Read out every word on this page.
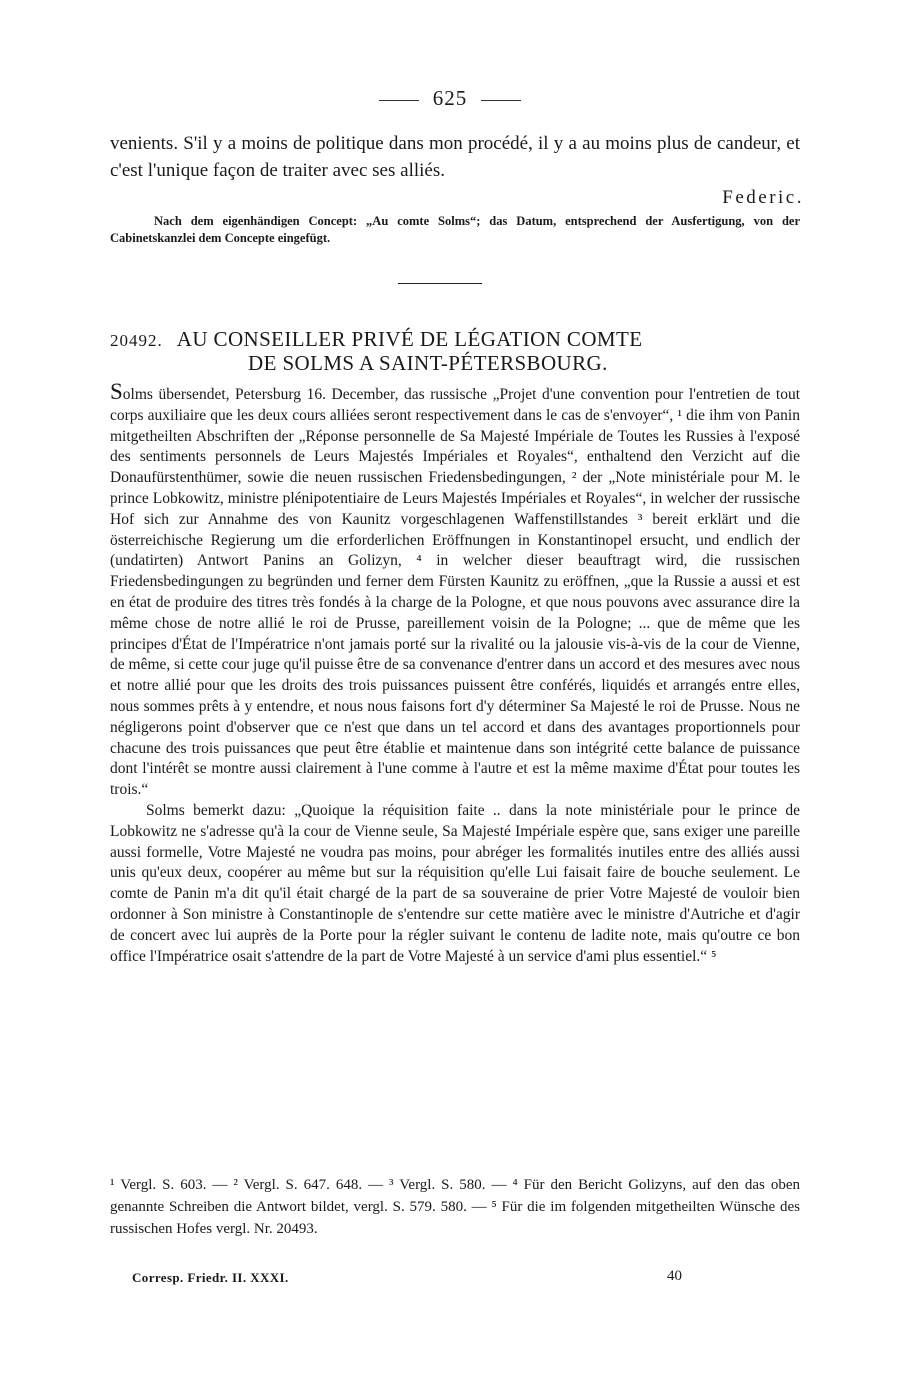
625
venients. S'il y a moins de politique dans mon procédé, il y a au moins plus de candeur, et c'est l'unique façon de traiter avec ses alliés.
Federic.
Nach dem eigenhändigen Concept: „Au comte Solms“; das Datum, entsprechend der Ausfertigung, von der Cabinetskanzlei dem Concepte eingefügt.
20492. AU CONSEILLER PRIVÉ DE LÉGATION COMTE
DE SOLMS A SAINT-PÉTERSBOURG.

Solms übersendet, Petersburg 16. December, das russische „Projet d'une convention pour l'entretien de tout corps auxiliaire que les deux cours alliées seront respectivement dans le cas de s'envoyer“, ¹ die ihm von Panin mitgetheilten Abschriften der „Réponse personnelle de Sa Majesté Impériale de Toutes les Russies à l'exposé des sentiments personnels de Leurs Majestés Impériales et Royales“, enthaltend den Verzicht auf die Donaufürstenthümer, sowie die neuen russischen Friedensbedingungen, ² der „Note ministériale pour M. le prince Lobkowitz, ministre plénipotentiaire de Leurs Majestés Impériales et Royales“, in welcher der russische Hof sich zur Annahme des von Kaunitz vorgeschlagenen Waffenstillstandes ³ bereit erklärt und die österreichische Regierung um die erforderlichen Eröffnungen in Konstantinopel ersucht, und endlich der (undatirten) Antwort Panins an Golizyn, ⁴ in welcher dieser beauftragt wird, die russischen Friedensbedingungen zu begründen und ferner dem Fürsten Kaunitz zu eröffnen, „que la Russie a aussi et est en état de produire des titres très fondés à la charge de la Pologne, et que nous pouvons avec assurance dire la même chose de notre allié le roi de Prusse, pareillement voisin de la Pologne; ... que de même que les principes d'État de l'Impératrice n'ont jamais porté sur la rivalité ou la jalousie vis-à-vis de la cour de Vienne, de même, si cette cour juge qu'il puisse être de sa convenance d'entrer dans un accord et des mesures avec nous et notre allié pour que les droits des trois puissances puissent être conférés, liquidés et arrangés entre elles, nous sommes prêts à y entendre, et nous nous faisons fort d'y déterminer Sa Majesté le roi de Prusse. Nous ne négligerons point d'observer que ce n'est que dans un tel accord et dans des avantages proportionnels pour chacune des trois puissances que peut être établie et maintenue dans son intégrité cette balance de puissance dont l'intérêt se montre aussi clairement à l'une comme à l'autre et est la même maxime d'État pour toutes les trois.“

Solms bemerkt dazu: „Quoique la réquisition faite .. dans la note ministériale pour le prince de Lobkowitz ne s'adresse qu'à la cour de Vienne seule, Sa Majesté Impériale espère que, sans exiger une pareille aussi formelle, Votre Majesté ne voudra pas moins, pour abréger les formalités inutiles entre des alliés aussi unis qu'eux deux, coopérer au même but sur la réquisition qu'elle Lui faisait faire de bouche seulement. Le comte de Panin m'a dit qu'il était chargé de la part de sa souveraine de prier Votre Majesté de vouloir bien ordonner à Son ministre à Constantinople de s'entendre sur cette matière avec le ministre d'Autriche et d'agir de concert avec lui auprès de la Porte pour la régler suivant le contenu de ladite note, mais qu'outre ce bon office l'Impératrice osait s'attendre de la part de Votre Majesté à un service d'ami plus essentiel.“ ⁵

¹ Vergl. S. 603. — ² Vergl. S. 647. 648. — ³ Vergl. S. 580. — ⁴ Für den Bericht Golizyns, auf den das oben genannte Schreiben die Antwort bildet, vergl. S. 579. 580. — ⁵ Für die im folgenden mitgetheilten Wünsche des russischen Hofes vergl. Nr. 20493.
Corresp. Friedr. II. XXXI.	40
